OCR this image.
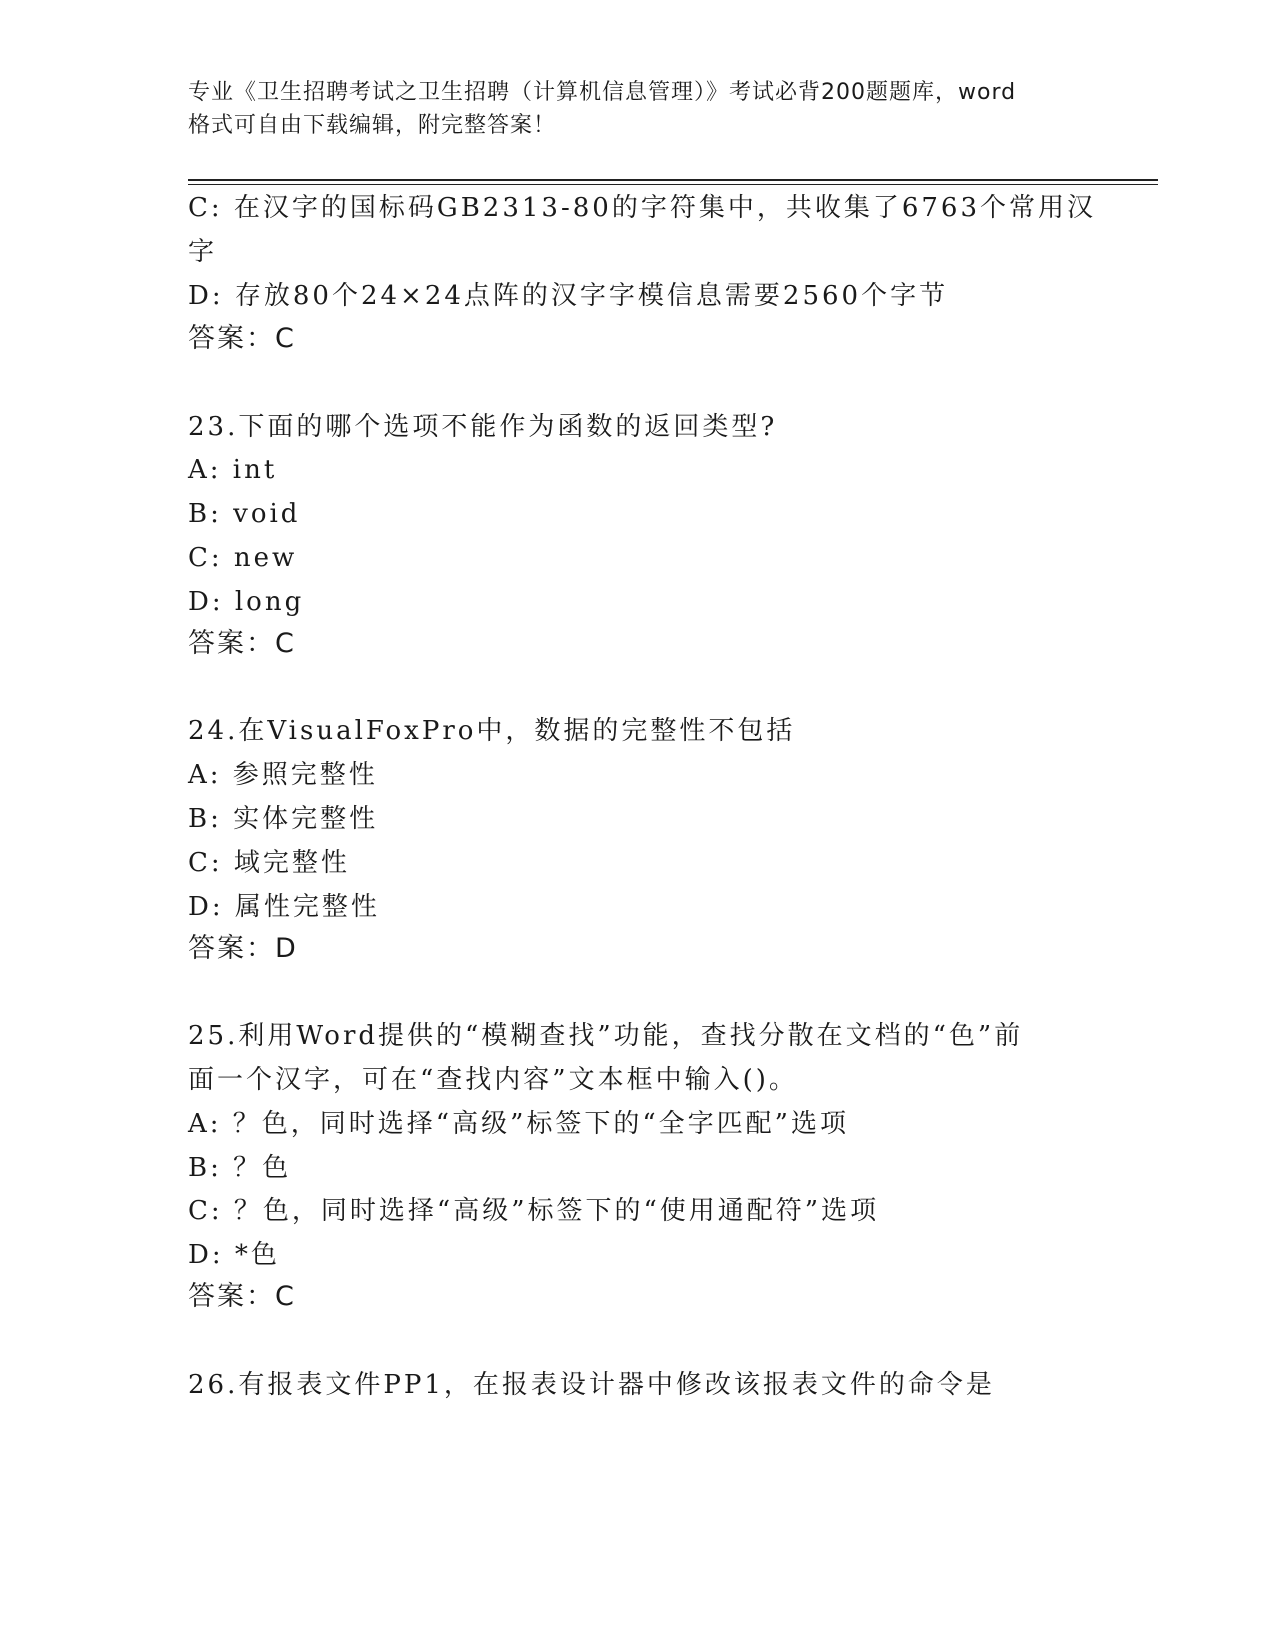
专业《卫生招聘考试之卫生招聘（计算机信息管理）》考试必背200题题库，word
格式可自由下载编辑，附完整答案！
C: 在汉字的国标码GB2313-80的字符集中，共收集了6763个常用汉
字
D: 存放80个24×24点阵的汉字字模信息需要2560个字节
答案：C
23.下面的哪个选项不能作为函数的返回类型?
A: int
B: void
C: new
D: long
答案：C
24.在VisualFoxPro中，数据的完整性不包括
A: 参照完整性
B: 实体完整性
C: 域完整性
D: 属性完整性
答案：D
25.利用Word提供的“模糊查找”功能，查找分散在文档的“色”前
面一个汉字，可在“查找内容”文本框中输入()。
A: ？色，同时选择“高级”标签下的“全字匹配”选项
B: ？色
C: ？色，同时选择“高级”标签下的“使用通配符”选项
D: *色
答案：C
26.有报表文件PP1，在报表设计器中修改该报表文件的命令是
